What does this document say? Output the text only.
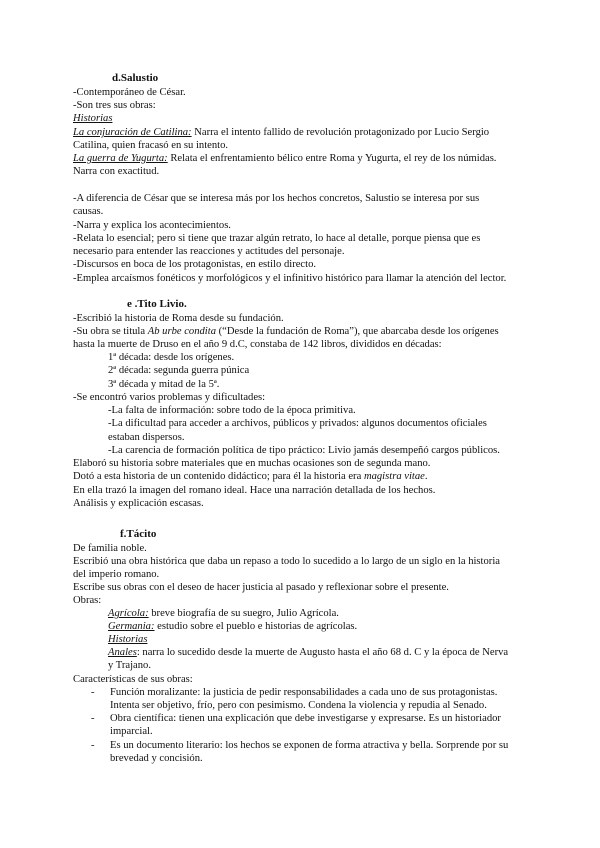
d.Salustio
-Contemporáneo de César.
-Son tres sus obras:
Historias
La conjuración de Catilina: Narra el intento fallido de revolución protagonizado por Lucio Sergio
Catilina, quien fracasó en su intento.
La guerra de Yugurta: Relata el enfrentamiento bélico entre Roma y Yugurta, el rey de los númidas.
Narra con exactitud.
-A diferencia de César que se interesa más por los hechos concretos, Salustio se interesa por sus
causas.
-Narra y explica los acontecimientos.
-Relata lo esencial; pero si tiene que trazar algún retrato, lo hace al detalle, porque piensa que es
necesario para entender las reacciones y actitudes del personaje.
-Discursos en boca de los protagonistas, en estilo directo.
-Emplea arcaísmos fonéticos y morfológicos y el infinitivo histórico para llamar la atención del lector.
e .Tito Livio.
-Escribió la historia de Roma desde su fundación.
-Su obra se titula Ab urbe condita (“Desde la fundación de Roma”), que abarcaba desde los orígenes
hasta la muerte de Druso en el año 9 d.C, constaba de 142 libros, divididos en décadas:
1ª década: desde los orígenes.
2ª década: segunda guerra púnica
3ª década y mitad de la 5ª.
-Se encontró varios problemas y dificultades:
-La falta de información: sobre todo de la época primitiva.
-La dificultad para acceder a archivos, públicos y privados: algunos documentos oficiales
estaban dispersos.
-La carencia de formación política de tipo práctico: Livio jamás desempeñó cargos públicos.
Elaboró su historia sobre materiales que en muchas ocasiones son de segunda mano.
Dotó a esta historia de un contenido didáctico; para él la historia era magistra vitae.
En ella trazó la imagen del romano ideal. Hace una narración detallada de los hechos.
Análisis y explicación escasas.
f.Tácito
De familia noble.
Escribió una obra histórica que daba un repaso a todo lo sucedido a lo largo de un siglo en la historia
del imperio romano.
Escribe sus obras con el deseo de hacer justicia al pasado y reflexionar sobre el presente.
Obras:
Agrícola: breve biografía de su suegro, Julio Agrícola.
Germania: estudio sobre el pueblo e historias de agrícolas.
Historias
Anales: narra lo sucedido desde la muerte de Augusto hasta el año 68 d. C y la época de Nerva
y Trajano.
Características de sus obras:
- Función moralizante: la justicia de pedir responsabilidades a cada uno de sus protagonistas.
Intenta ser objetivo, frío, pero con pesimismo. Condena la violencia y repudia al Senado.
- Obra científica: tienen una explicación que debe investigarse y expresarse. Es un historiador
imparcial.
- Es un documento literario: los hechos se exponen de forma atractiva y bella. Sorprende por su
brevedad y concisión.
